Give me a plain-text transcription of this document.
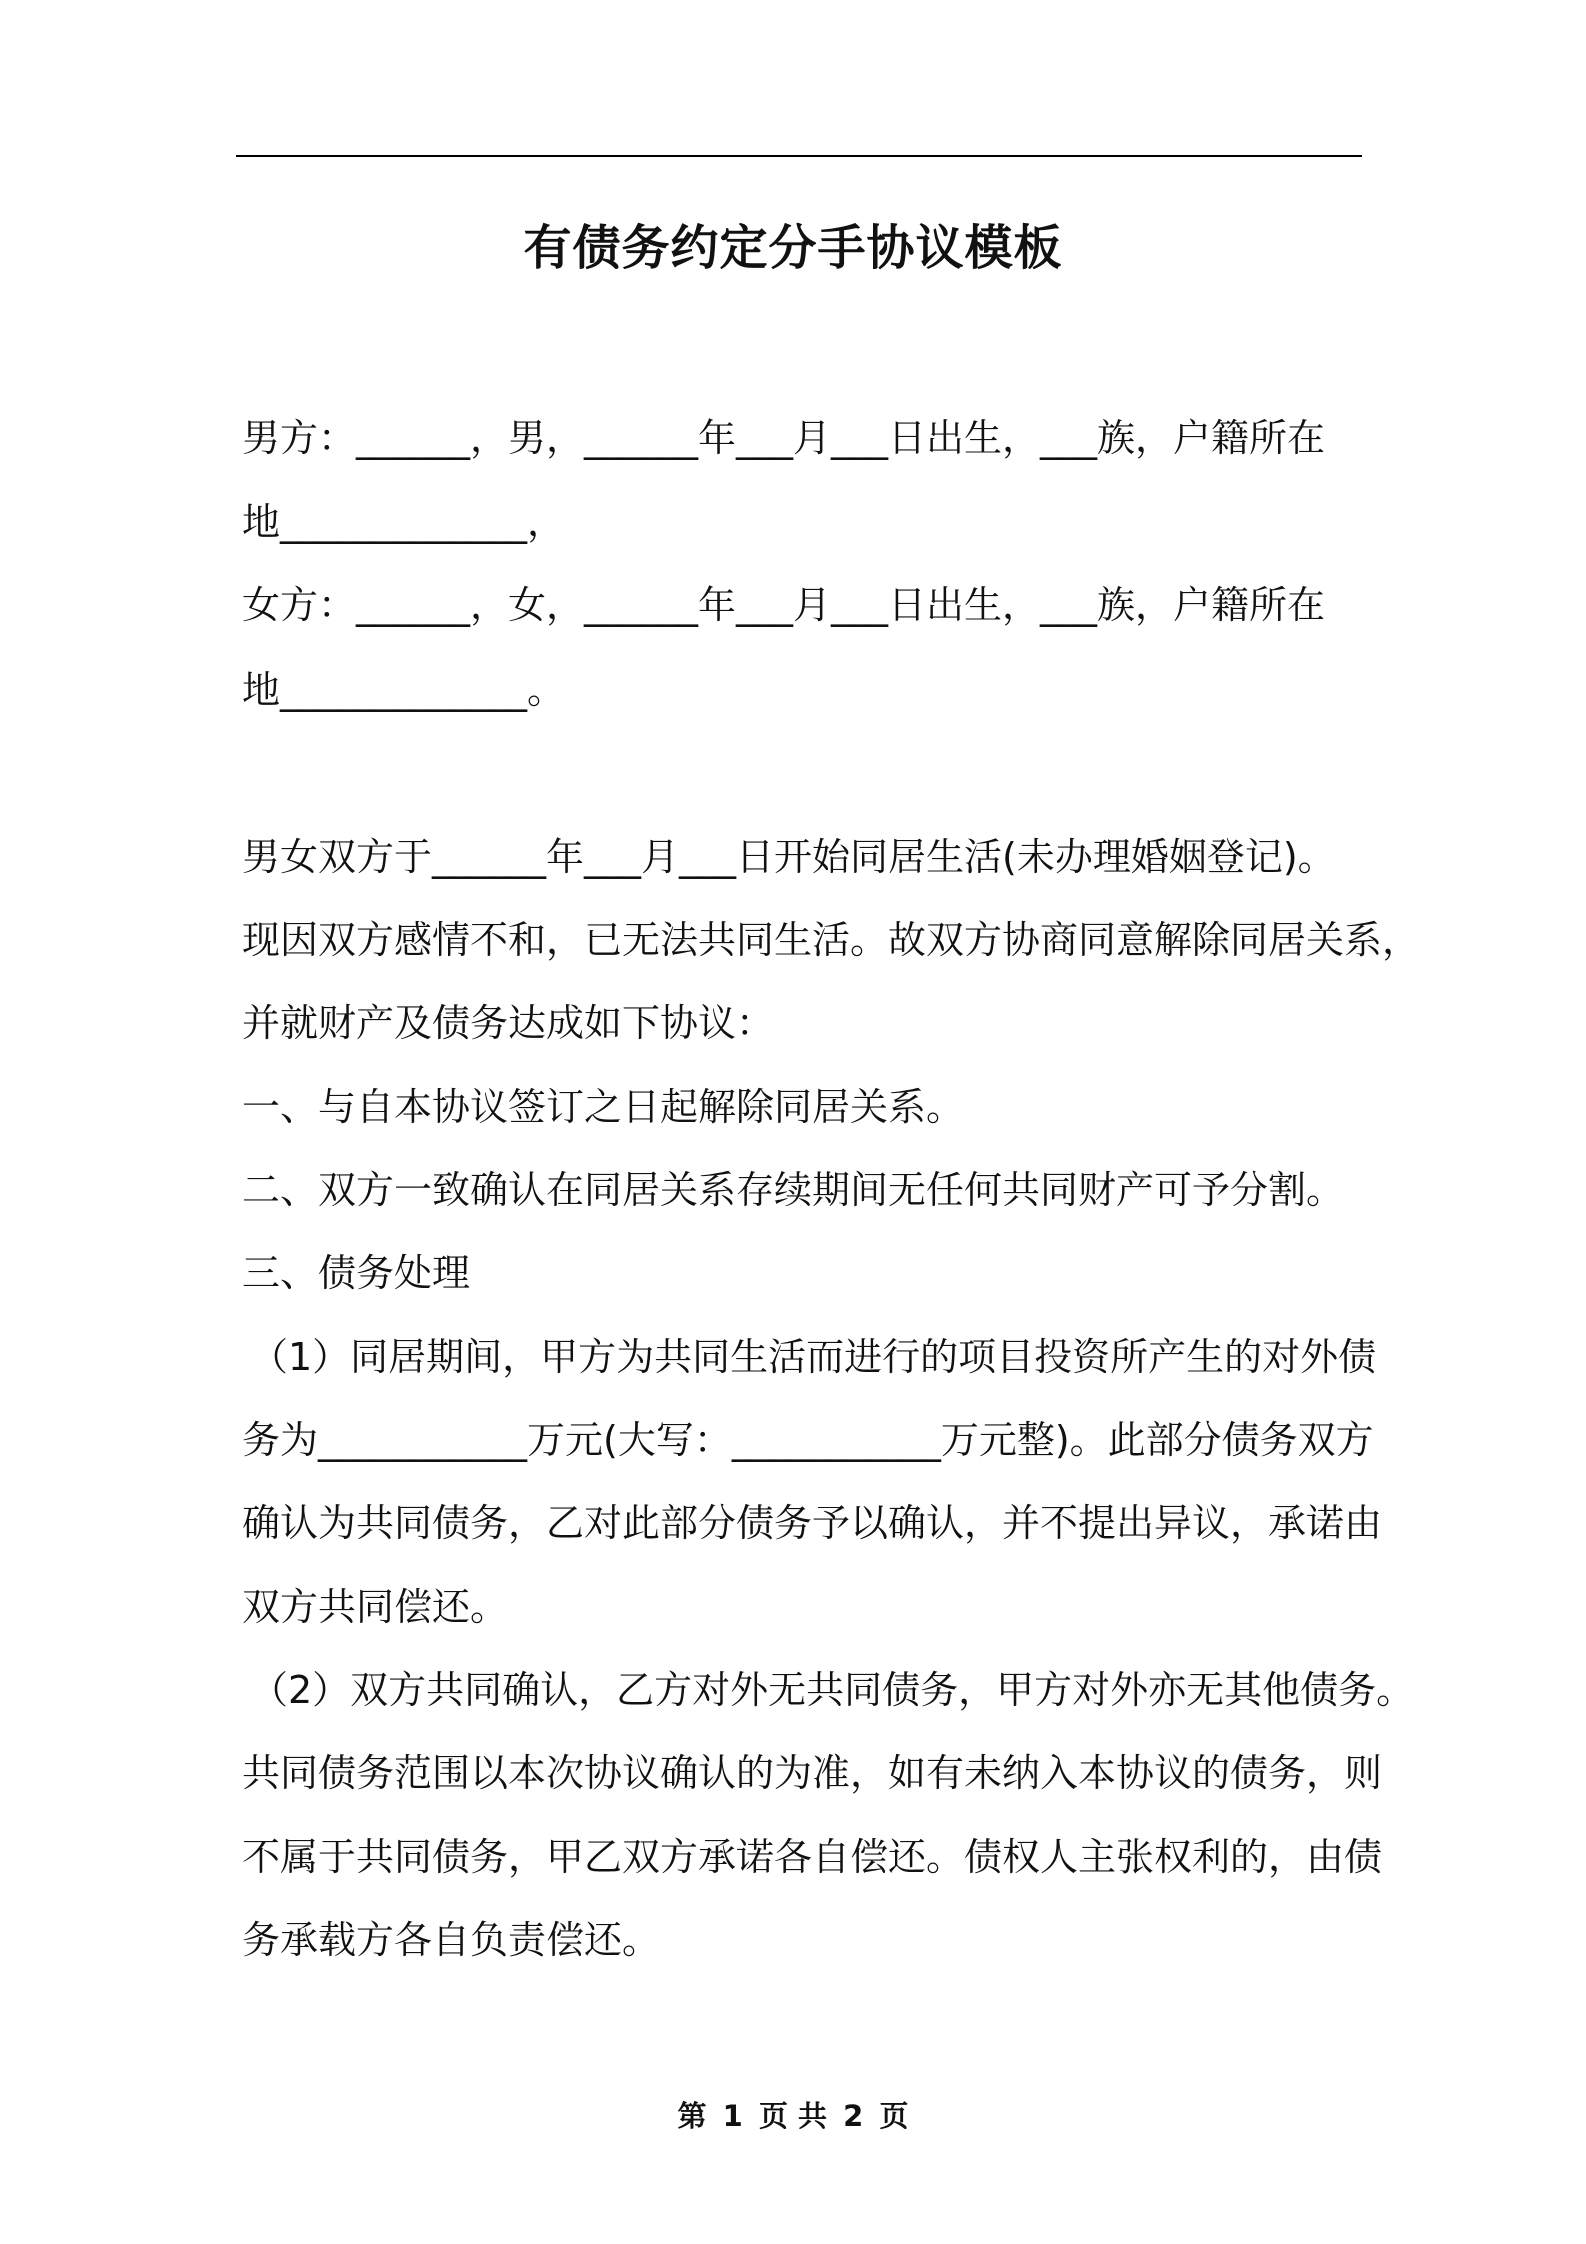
有债务约定分手协议模板

男方：______，男，______年___月___日出生，___族，户籍所在

地_____________，

女方：______，女，______年___月___日出生，___族，户籍所在

地_____________。

男女双方于______年___月___日开始同居生活(未办理婚姻登记)。

现因双方感情不和，已无法共同生活。故双方协商同意解除同居关系，

并就财产及债务达成如下协议：

一、与自本协议签订之日起解除同居关系。

二、双方一致确认在同居关系存续期间无任何共同财产可予分割。

三、债务处理

（1）同居期间，甲方为共同生活而进行的项目投资所产生的对外债

务为___________万元(大写：___________万元整)。此部分债务双方

确认为共同债务，乙对此部分债务予以确认，并不提出异议，承诺由

双方共同偿还。

（2）双方共同确认，乙方对外无共同债务，甲方对外亦无其他债务。

共同债务范围以本次协议确认的为准，如有未纳入本协议的债务，则

不属于共同债务，甲乙双方承诺各自偿还。债权人主张权利的，由债

务承载方各自负责偿还。

第 1 页 共 2 页
